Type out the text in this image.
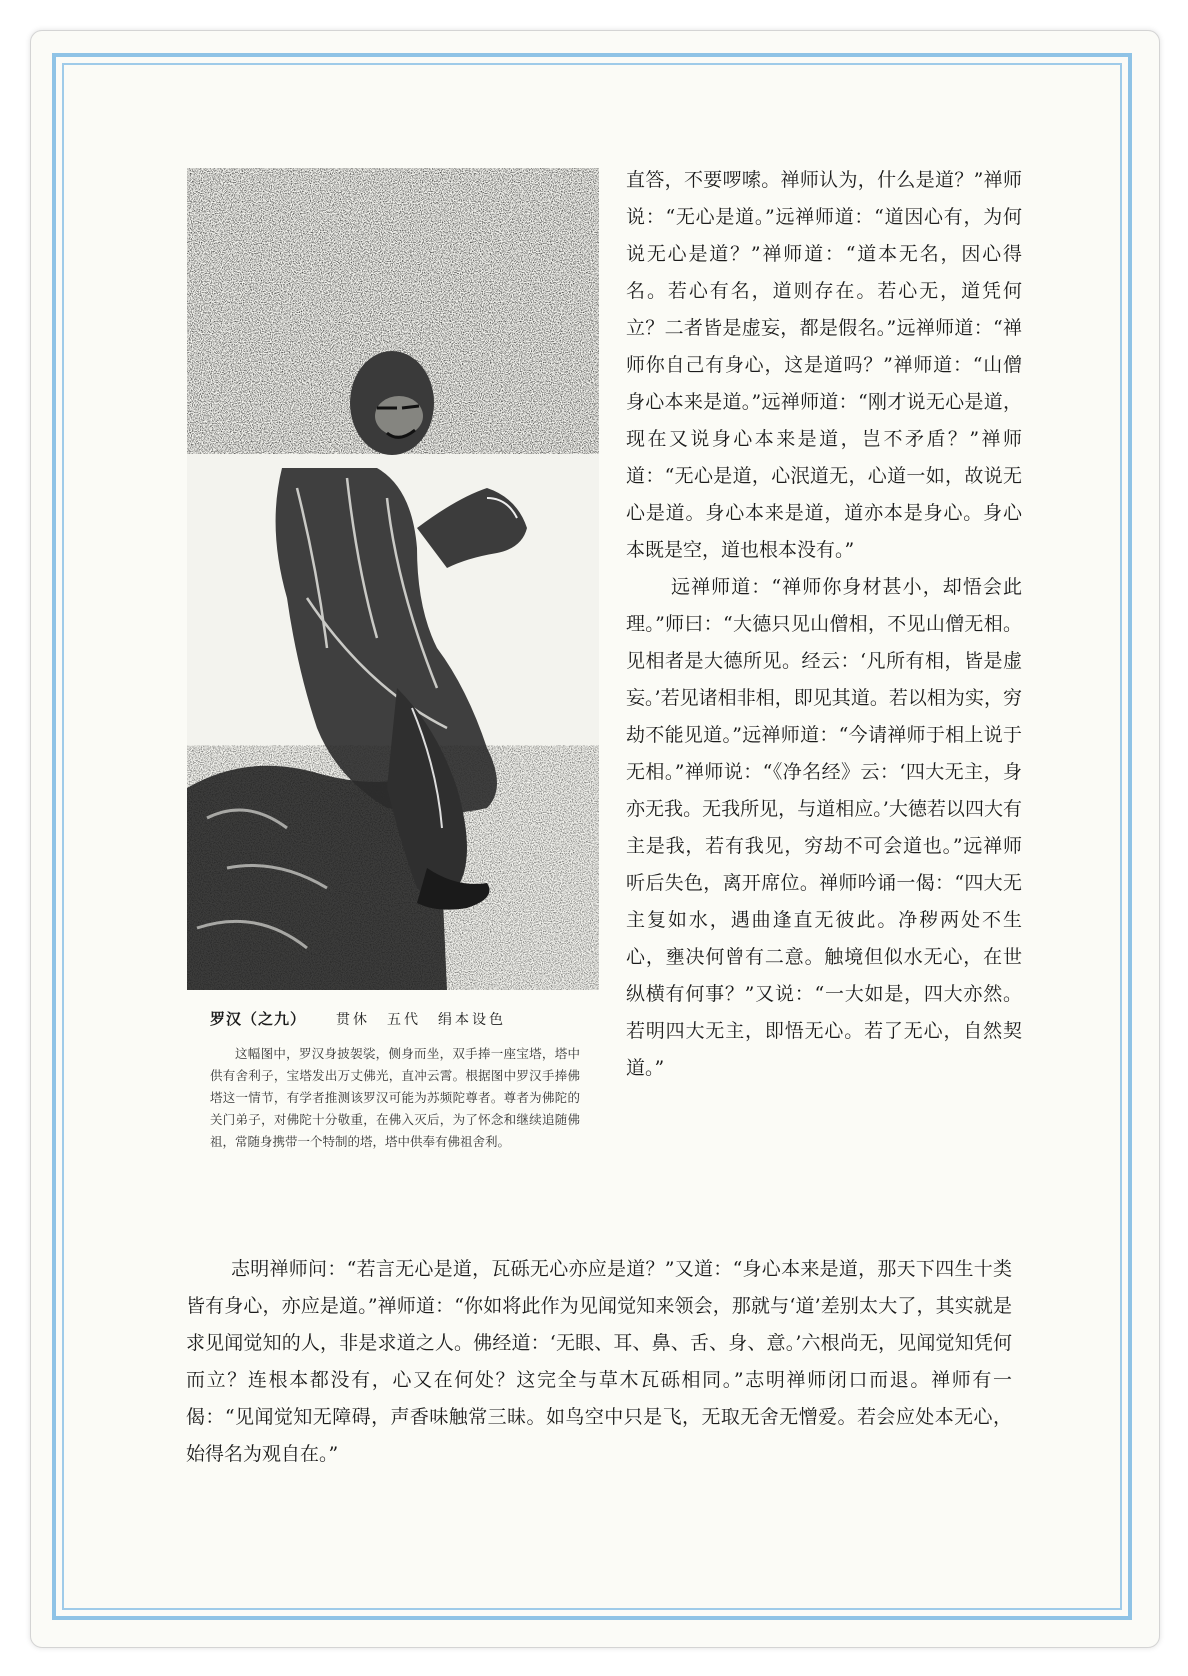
罗汉（之九） 贯休　五代　绢本设色
这幅图中，罗汉身披袈裟，侧身而坐，双手捧一座宝塔，塔中供有舍利子，宝塔发出万丈佛光，直冲云霄。根据图中罗汉手捧佛塔这一情节，有学者推测该罗汉可能为苏频陀尊者。尊者为佛陀的关门弟子，对佛陀十分敬重，在佛入灭后，为了怀念和继续追随佛祖，常随身携带一个特制的塔，塔中供奉有佛祖舍利。

直答，不要啰嗦。禅师认为，什么是道？”禅师说：“无心是道。”远禅师道：“道因心有，为何说无心是道？”禅师道：“道本无名，因心得名。若心有名，道则存在。若心无，道凭何立？二者皆是虚妄，都是假名。”远禅师道：“禅师你自己有身心，这是道吗？”禅师道：“山僧身心本来是道。”远禅师道：“刚才说无心是道，现在又说身心本来是道，岂不矛盾？”禅师道：“无心是道，心泯道无，心道一如，故说无心是道。身心本来是道，道亦本是身心。身心本既是空，道也根本没有。”

远禅师道：“禅师你身材甚小，却悟会此理。”师曰：“大德只见山僧相，不见山僧无相。见相者是大德所见。经云：‘凡所有相，皆是虚妄。’若见诸相非相，即见其道。若以相为实，穷劫不能见道。”远禅师道：“今请禅师于相上说于无相。”禅师说：“《净名经》云：‘四大无主，身亦无我。无我所见，与道相应。’大德若以四大有主是我，若有我见，穷劫不可会道也。”远禅师听后失色，离开席位。禅师吟诵一偈：“四大无主复如水，遇曲逢直无彼此。净秽两处不生心，壅决何曾有二意。触境但似水无心，在世纵横有何事？”又说：“一大如是，四大亦然。若明四大无主，即悟无心。若了无心，自然契道。”

志明禅师问：“若言无心是道，瓦砾无心亦应是道？”又道：“身心本来是道，那天下四生十类皆有身心，亦应是道。”禅师道：“你如将此作为见闻觉知来领会，那就与‘道’差别太大了，其实就是求见闻觉知的人，非是求道之人。佛经道：‘无眼、耳、鼻、舌、身、意。’六根尚无，见闻觉知凭何而立？连根本都没有，心又在何处？这完全与草木瓦砾相同。”志明禅师闭口而退。禅师有一偈：“见闻觉知无障碍，声香味触常三昧。如鸟空中只是飞，无取无舍无憎爱。若会应处本无心，始得名为观自在。”
